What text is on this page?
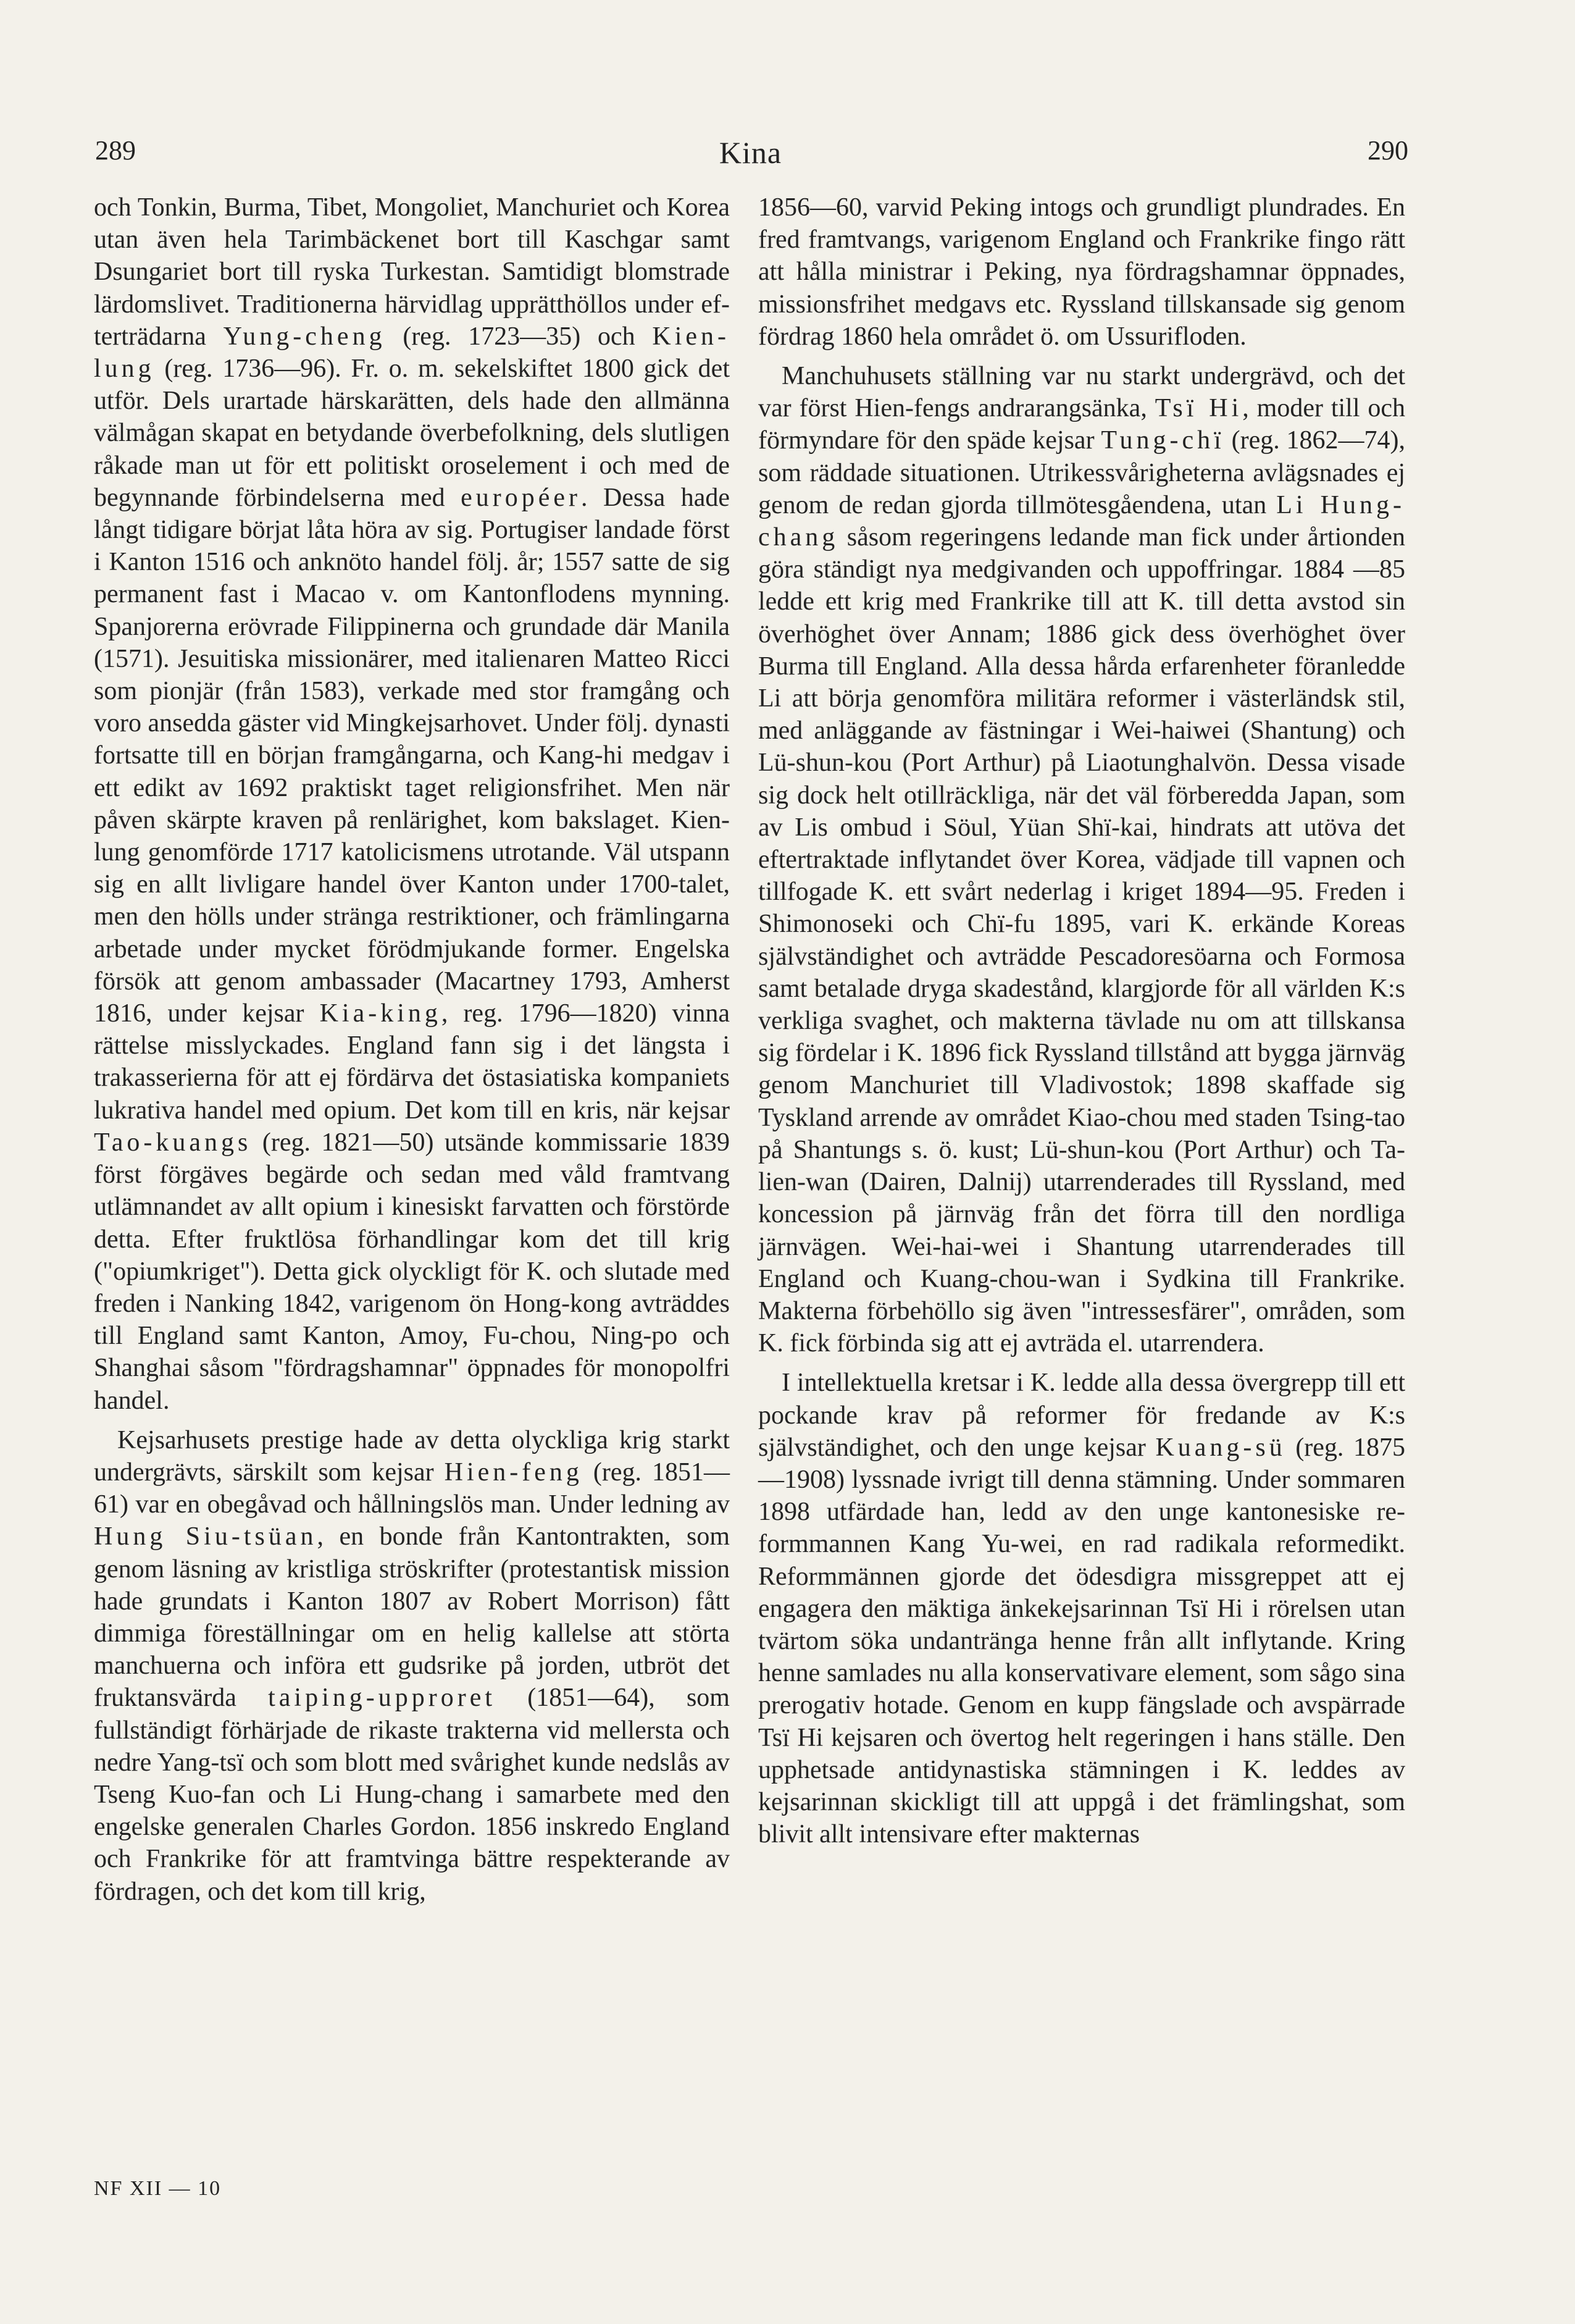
289	Kina	290

och Tonkin, Burma, Tibet, Mongoliet, Manchuriet och Korea utan även hela Tarimbäckenet bort till Kaschgar samt Dsungariet bort till ryska Turkestan. Samtidigt blomstrade lärdomslivet. Traditionerna härvidlag upprätthöllos under efterträdarna Yung-cheng (reg. 1723—35) och Kien-lung (reg. 1736—96). Fr. o. m. sekelskiftet 1800 gick det utför. Dels urartade härskarätten, dels hade den allmänna välmågan skapat en betydande överbefolkning, dels slutligen råkade man ut för ett politiskt oroselement i och med de begynnande förbindelserna med européer. Dessa hade långt tidigare börjat låta höra av sig. Portugiser landade först i Kanton 1516 och anknöto handel följ. år; 1557 satte de sig permanent fast i Macao v. om Kantonflodens mynning. Spanjorerna erövrade Filippinerna och grundade där Manila (1571). Jesuitiska missionärer, med italienaren Matteo Ricci som pionjär (från 1583), verkade med stor framgång och voro ansedda gäster vid Mingkejsarhovet. Under följ. dynasti fortsatte till en början framgångarna, och Kang-hi medgav i ett edikt av 1692 praktiskt taget religionsfrihet. Men när påven skärpte kraven på renlärighet, kom bakslaget. Kien-lung genomförde 1717 katolicismens utrotande. Väl utspann sig en allt livligare handel över Kanton under 1700-talet, men den hölls under stränga restriktioner, och främlingarna arbetade under mycket förödmjukande former. Engelska försök att genom ambassader (Macartney 1793, Amherst 1816, under kejsar Kia-king, reg. 1796—1820) vinna rättelse misslyckades. England fann sig i det längsta i trakasserierna för att ej fördärva det östasiatiska kompaniets lukrativa handel med opium. Det kom till en kris, när kejsar Tao-kuangs (reg. 1821—50) utsände kommissarie 1839 först förgäves begärde och sedan med våld framtvang utlämnandet av allt opium i kinesiskt farvatten och förstörde detta. Efter fruktlösa förhandlingar kom det till krig ("opiumkriget"). Detta gick olyckligt för K. och slutade med freden i Nanking 1842, varigenom ön Hong-kong avträddes till England samt Kanton, Amoy, Fu-chou, Ning-po och Shanghai såsom "fördragshamnar" öppnades för monopolfri handel.

Kejsarhusets prestige hade av detta olyckliga krig starkt undergrävts, särskilt som kejsar Hien-feng (reg. 1851—61) var en obegåvad och hållningslös man. Under ledning av Hung Siu-tsüan, en bonde från Kantontrakten, som genom läsning av kristliga ströskrifter (protestantisk mission hade grundats i Kanton 1807 av Robert Morrison) fått dimmiga föreställningar om en helig kallelse att störta manchuerna och införa ett gudsrike på jorden, utbröt det fruktansvärda taiping-upproret (1851—64), som fullständigt förhärjade de rikaste trakterna vid mellersta och nedre Yang-tsï och som blott med svårighet kunde nedslås av Tseng Kuo-fan och Li Hung-chang i samarbete med den engelske generalen Charles Gordon. 1856 inskredo England och Frankrike för att framtvinga bättre respekterande av fördragen, och det kom till krig,

1856—60, varvid Peking intogs och grundligt plundrades. En fred framtvangs, varigenom England och Frankrike fingo rätt att hålla ministrar i Peking, nya fördragshamnar öppnades, missionsfrihet medgavs etc. Ryssland tillskansade sig genom fördrag 1860 hela området ö. om Ussurifloden.

Manchuhusets ställning var nu starkt undergrävd, och det var först Hien-fengs andrarangsänka, Tsï Hi, moder till och förmyndare för den späde kejsar Tung-chï (reg. 1862—74), som räddade situationen. Utrikessvårigheterna avlägsnades ej genom de redan gjorda tillmötesgåendena, utan Li Hung-chang såsom regeringens ledande man fick under årtionden göra ständigt nya medgivanden och uppoffringar. 1884 —85 ledde ett krig med Frankrike till att K. till detta avstod sin överhöghet över Annam; 1886 gick dess överhöghet över Burma till England. Alla dessa hårda erfarenheter föranledde Li att börja genomföra militära reformer i västerländsk stil, med anläggande av fästningar i Wei-haiwei (Shantung) och Lü-shun-kou (Port Arthur) på Liaotunghalvön. Dessa visade sig dock helt otillräckliga, när det väl förberedda Japan, som av Lis ombud i Söul, Yüan Shï-kai, hindrats att utöva det eftertraktade inflytandet över Korea, vädjade till vapnen och tillfogade K. ett svårt nederlag i kriget 1894—95. Freden i Shimonoseki och Chï-fu 1895, vari K. erkände Koreas självständighet och avträdde Pescadoresöarna och Formosa samt betalade dryga skadestånd, klargjorde för all världen K:s verkliga svaghet, och makterna tävlade nu om att tillskansa sig fördelar i K. 1896 fick Ryssland tillstånd att bygga järnväg genom Manchuriet till Vladivostok; 1898 skaffade sig Tyskland arrende av området Kiao-chou med staden Tsing-tao på Shantungs s. ö. kust; Lü-shun-kou (Port Arthur) och Ta-lien-wan (Dairen, Dalnij) utarrenderades till Ryssland, med koncession på järnväg från det förra till den nordliga järnvägen. Wei-hai-wei i Shantung utarrenderades till England och Kuang-chou-wan i Sydkina till Frankrike. Makterna förbehöllo sig även "intressesfärer", områden, som K. fick förbinda sig att ej avträda el. utarrendera.

I intellektuella kretsar i K. ledde alla dessa övergrepp till ett pockande krav på reformer för fredande av K:s självständighet, och den unge kejsar Kuang-sü (reg. 1875—1908) lyssnade ivrigt till denna stämning. Under sommaren 1898 utfärdade han, ledd av den unge kantonesiske reformmannen Kang Yu-wei, en rad radikala reformedikt. Reformmännen gjorde det ödesdigra missgreppet att ej engagera den mäktiga änkekejsarinnan Tsï Hi i rörelsen utan tvärtom söka undantränga henne från allt inflytande. Kring henne samlades nu alla konservativare element, som sågo sina prerogativ hotade. Genom en kupp fängslade och avspärrade Tsï Hi kejsaren och övertog helt regeringen i hans ställe. Den upphetsade antidynastiska stämningen i K. leddes av kejsarinnan skickligt till att uppgå i det främlingshat, som blivit allt intensivare efter makternas

NF XII — 10
